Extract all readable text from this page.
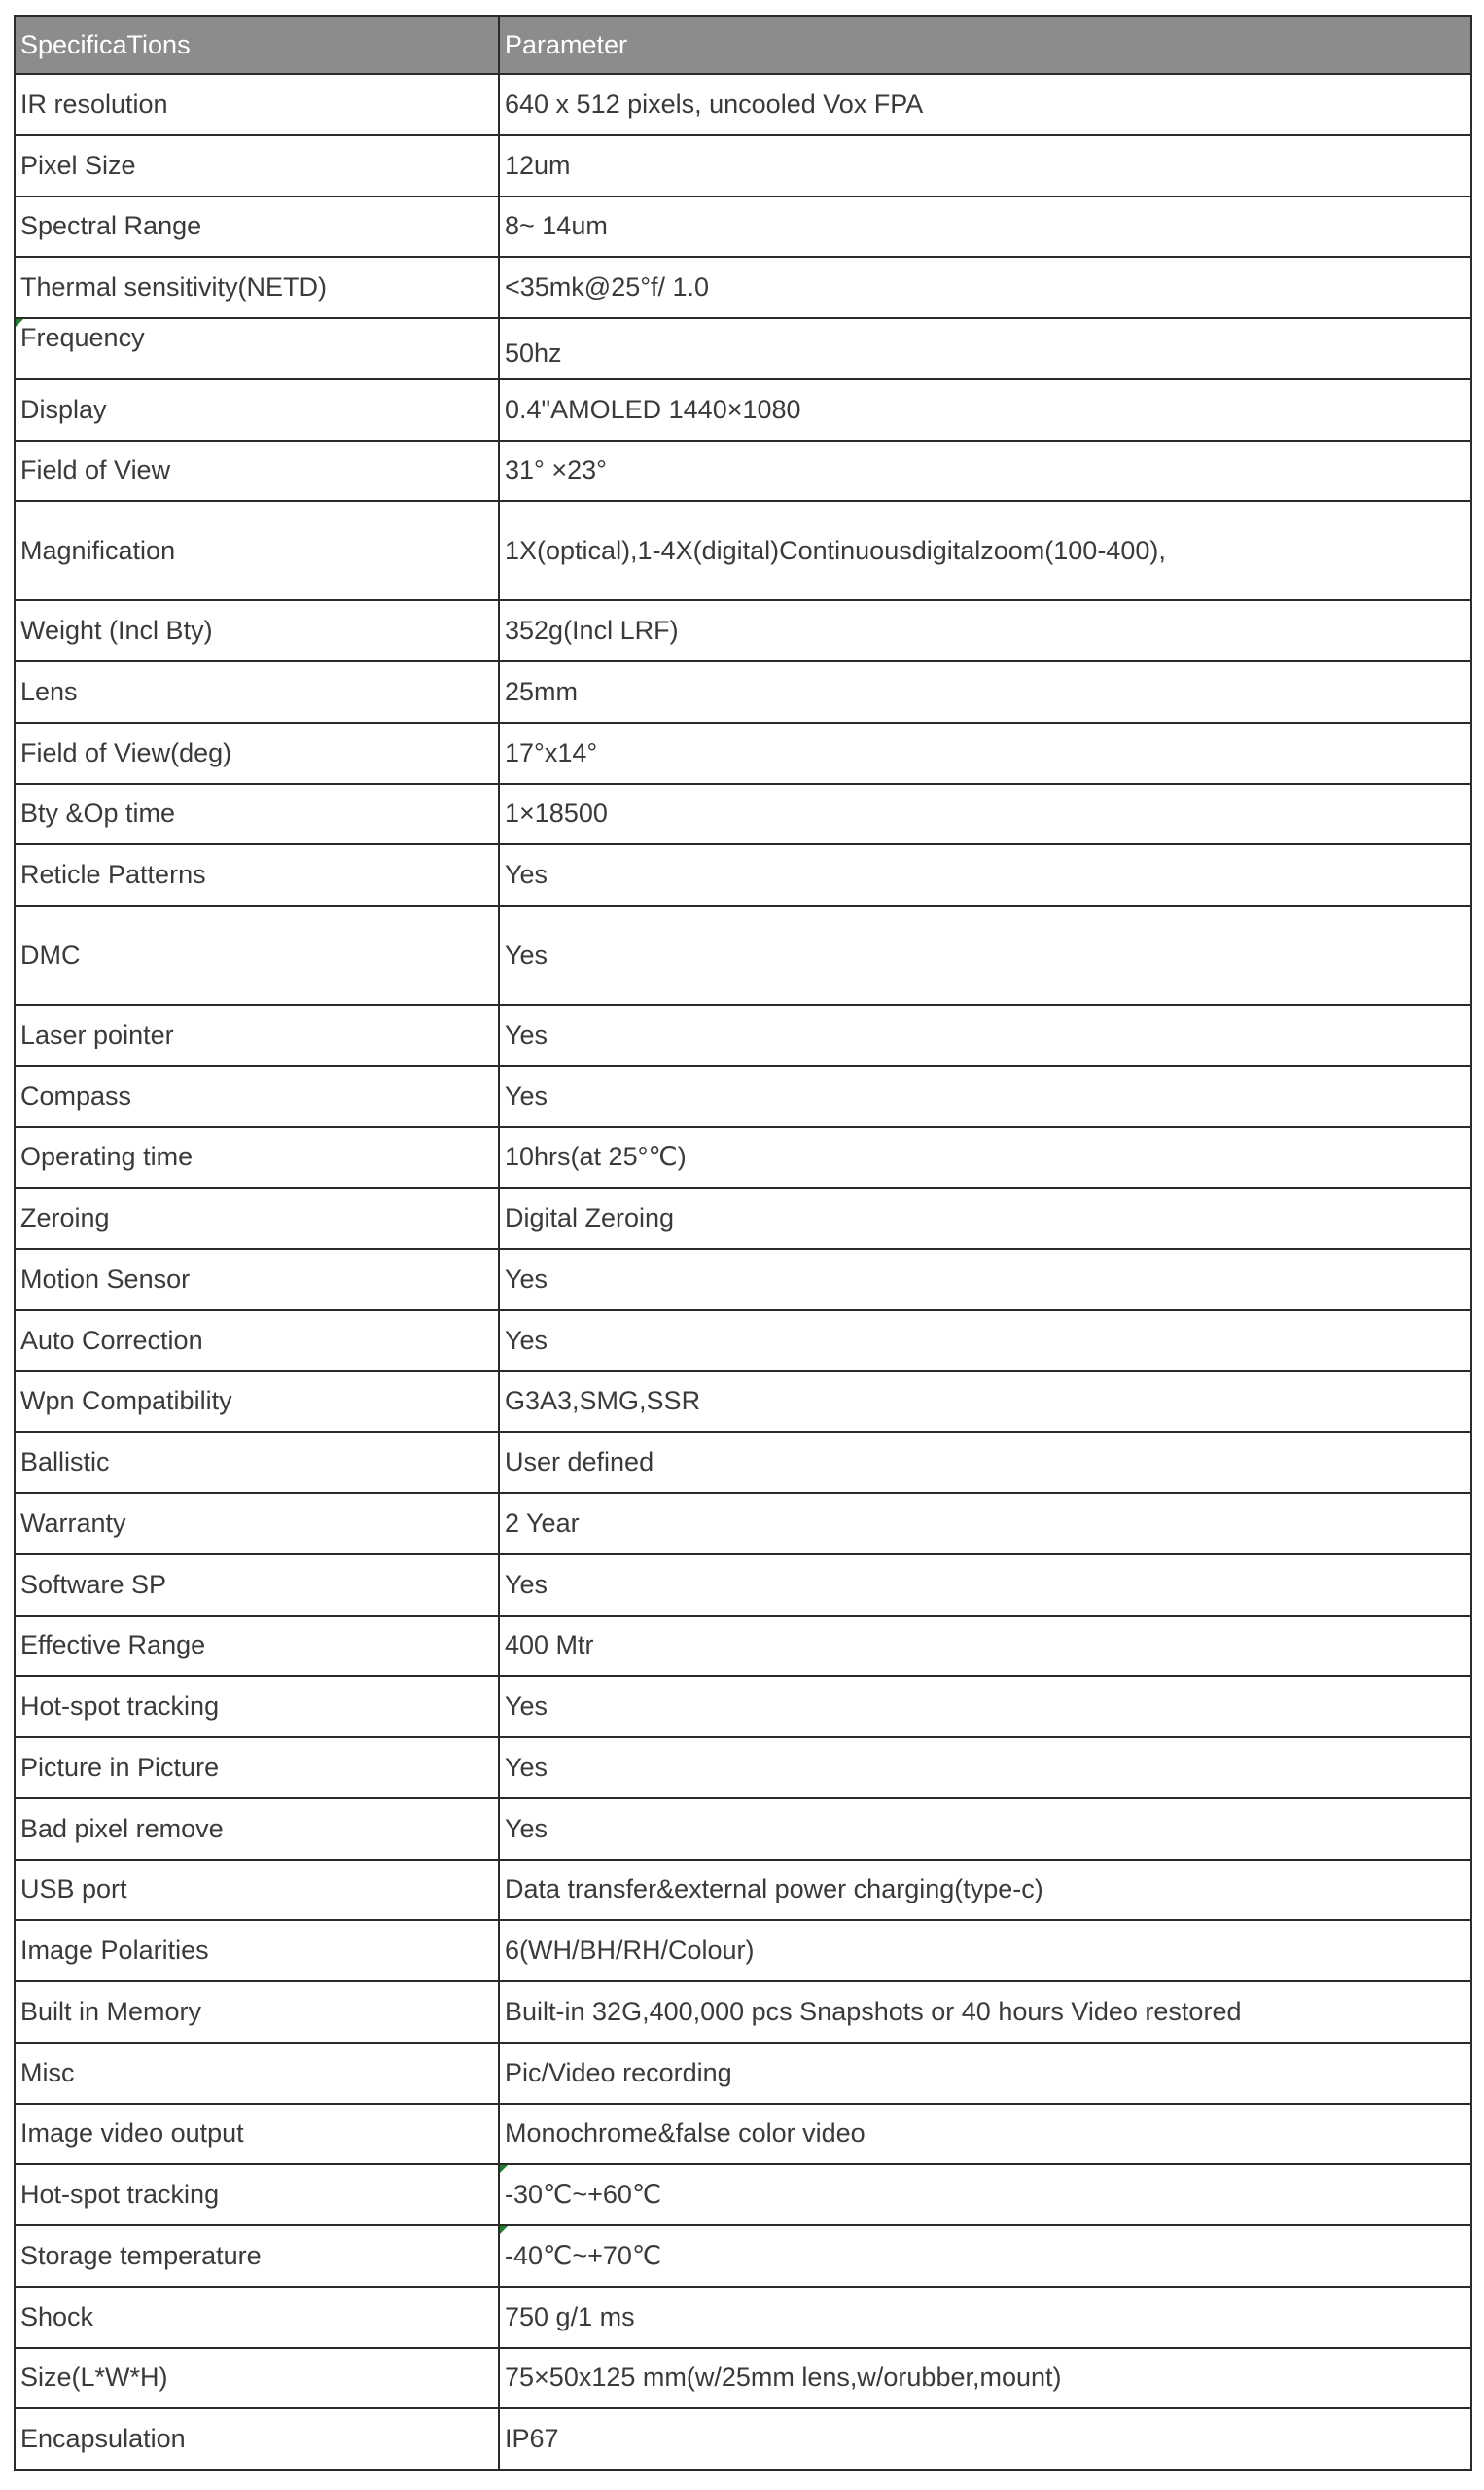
SpecificaTions	Parameter
IR resolution	640 x 512 pixels, uncooled Vox FPA
Pixel Size	12um
Spectral Range	8~ 14um
Thermal sensitivity(NETD)	<35mk@25°f/ 1.0

Frequency	50hz
Display	0.4"AMOLED 1440×1080
Field of View	31° ×23°
Magnification	1X(optical),1-4X(digital)Continuousdigitalzoom(100-400),
Weight (Incl Bty)	352g(Incl LRF)
Lens	25mm
Field of View(deg)	17°x14°
Bty &Op time	1×18500
Reticle Patterns	Yes
DMC	Yes
Laser pointer	Yes
Compass	Yes
Operating time	10hrs(at 25°℃)
Zeroing	Digital Zeroing
Motion Sensor	Yes
Auto Correction	Yes
Wpn Compatibility	G3A3,SMG,SSR
Ballistic	User defined
Warranty	2 Year
Software SP	Yes
Effective Range	400 Mtr
Hot-spot tracking	Yes
Picture in Picture	Yes
Bad pixel remove	Yes
USB port	Data transfer&external power charging(type-c)
Image Polarities	6(WH/BH/RH/Colour)
Built in Memory	Built-in 32G,400,000 pcs Snapshots or 40 hours Video restored
Misc	Pic/Video recording
Image video output	Monochrome&false color video
Hot-spot tracking	-30℃~+60℃
Storage temperature	-40℃~+70℃
Shock	750 g/1 ms
Size(L*W*H)	75×50x125 mm(w/25mm lens,w/orubber,mount)
Encapsulation	IP67
